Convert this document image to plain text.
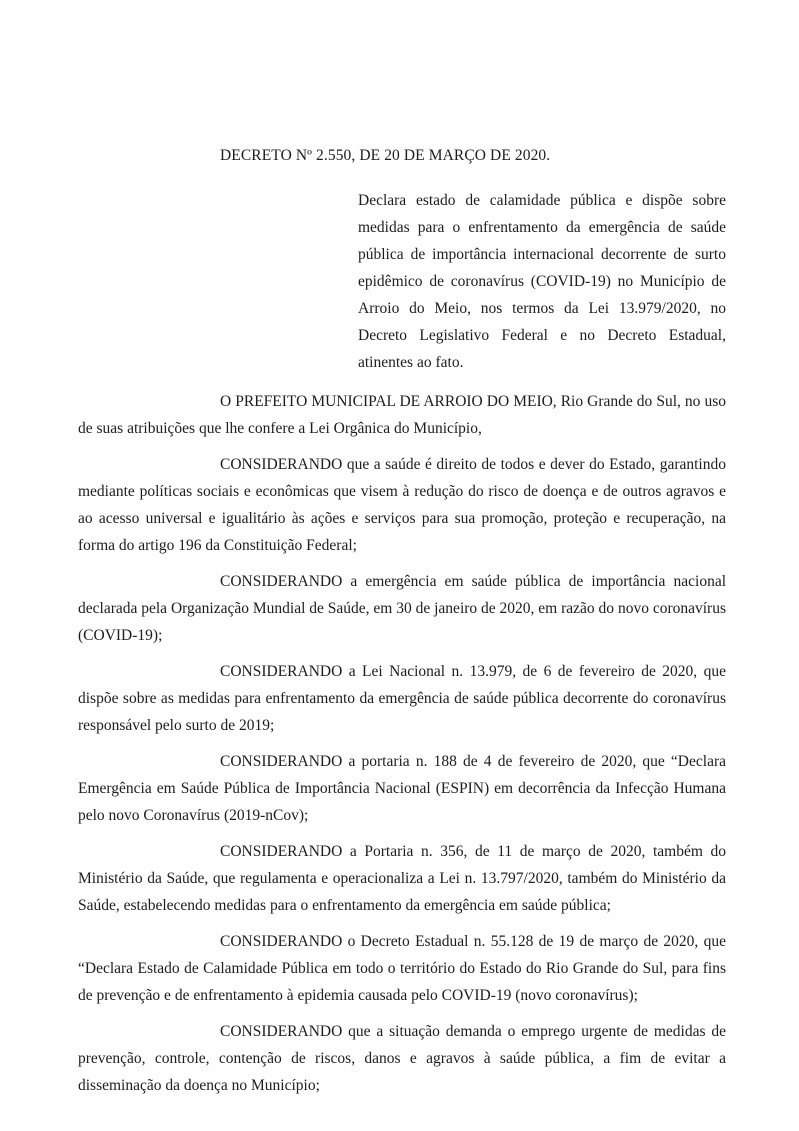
DECRETO Nº 2.550, DE 20 DE MARÇO DE 2020.
Declara estado de calamidade pública e dispõe sobre medidas para o enfrentamento da emergência de saúde pública de importância internacional decorrente de surto epidêmico de coronavírus (COVID-19) no Município de Arroio do Meio, nos termos da Lei 13.979/2020, no Decreto Legislativo Federal e no Decreto Estadual, atinentes ao fato.

O PREFEITO MUNICIPAL DE ARROIO DO MEIO, Rio Grande do Sul, no uso de suas atribuições que lhe confere a Lei Orgânica do Município,

CONSIDERANDO que a saúde é direito de todos e dever do Estado, garantindo mediante políticas sociais e econômicas que visem à redução do risco de doença e de outros agravos e ao acesso universal e igualitário às ações e serviços para sua promoção, proteção e recuperação, na forma do artigo 196 da Constituição Federal;

CONSIDERANDO a emergência em saúde pública de importância nacional declarada pela Organização Mundial de Saúde, em 30 de janeiro de 2020, em razão do novo coronavírus (COVID-19);

CONSIDERANDO a Lei Nacional n. 13.979, de 6 de fevereiro de 2020, que dispõe sobre as medidas para enfrentamento da emergência de saúde pública decorrente do coronavírus responsável pelo surto de 2019;

CONSIDERANDO a portaria n. 188 de 4 de fevereiro de 2020, que “Declara Emergência em Saúde Pública de Importância Nacional (ESPIN) em decorrência da Infecção Humana pelo novo Coronavírus (2019-nCov);

CONSIDERANDO a Portaria n. 356, de 11 de março de 2020, também do Ministério da Saúde, que regulamenta e operacionaliza a Lei n. 13.797/2020, também do Ministério da Saúde, estabelecendo medidas para o enfrentamento da emergência em saúde pública;

CONSIDERANDO o Decreto Estadual n. 55.128 de 19 de março de 2020, que “Declara Estado de Calamidade Pública em todo o território do Estado do Rio Grande do Sul, para fins de prevenção e de enfrentamento à epidemia causada pelo COVID-19 (novo coronavírus);

CONSIDERANDO que a situação demanda o emprego urgente de medidas de prevenção, controle, contenção de riscos, danos e agravos à saúde pública, a fim de evitar a disseminação da doença no Município;
